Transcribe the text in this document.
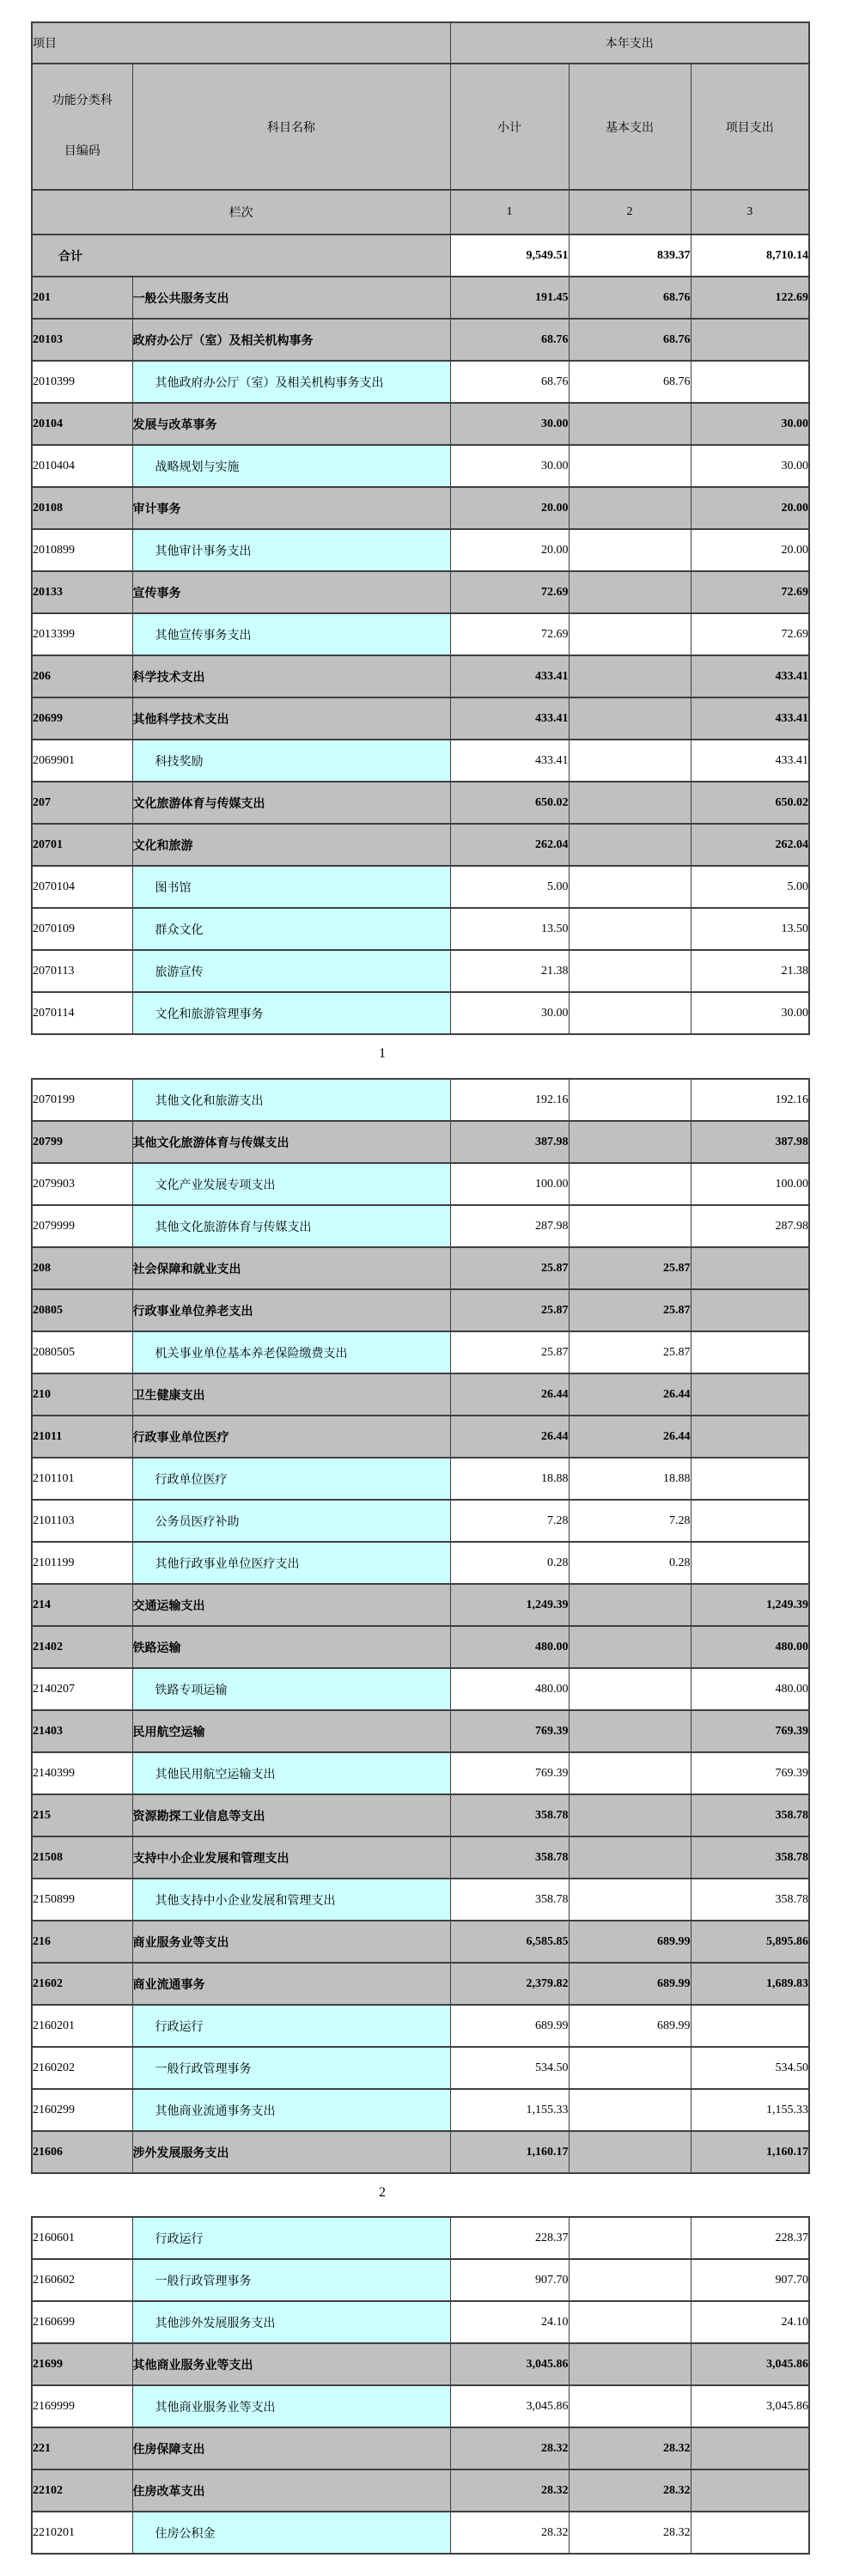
项目		本年支出		

功能分类科
目编码	科目名称	小计	基本支出	项目支出
栏次		1	2	3
合计		9,549.51	839.37	8,710.14
201	一般公共服务支出	191.45	68.76	122.69
20103	政府办公厅（室）及相关机构事务	68.76	68.76	
2010399	其他政府办公厅（室）及相关机构事务支出	68.76	68.76	
20104	发展与改革事务	30.00		30.00
2010404	战略规划与实施	30.00		30.00
20108	审计事务	20.00		20.00
2010899	其他审计事务支出	20.00		20.00
20133	宣传事务	72.69		72.69
2013399	其他宣传事务支出	72.69		72.69
206	科学技术支出	433.41		433.41
20699	其他科学技术支出	433.41		433.41
2069901	科技奖励	433.41		433.41
207	文化旅游体育与传媒支出	650.02		650.02
20701	文化和旅游	262.04		262.04
2070104	图书馆	5.00		5.00
2070109	群众文化	13.50		13.50
2070113	旅游宣传	21.38		21.38
2070114	文化和旅游管理事务	30.00		30.00
1
2070199	其他文化和旅游支出	192.16		192.16
20799	其他文化旅游体育与传媒支出	387.98		387.98
2079903	文化产业发展专项支出	100.00		100.00
2079999	其他文化旅游体育与传媒支出	287.98		287.98
208	社会保障和就业支出	25.87	25.87	
20805	行政事业单位养老支出	25.87	25.87	
2080505	机关事业单位基本养老保险缴费支出	25.87	25.87	
210	卫生健康支出	26.44	26.44	
21011	行政事业单位医疗	26.44	26.44	
2101101	行政单位医疗	18.88	18.88	
2101103	公务员医疗补助	7.28	7.28	
2101199	其他行政事业单位医疗支出	0.28	0.28	
214	交通运输支出	1,249.39		1,249.39
21402	铁路运输	480.00		480.00
2140207	铁路专项运输	480.00		480.00
21403	民用航空运输	769.39		769.39
2140399	其他民用航空运输支出	769.39		769.39
215	资源勘探工业信息等支出	358.78		358.78
21508	支持中小企业发展和管理支出	358.78		358.78
2150899	其他支持中小企业发展和管理支出	358.78		358.78
216	商业服务业等支出	6,585.85	689.99	5,895.86
21602	商业流通事务	2,379.82	689.99	1,689.83
2160201	行政运行	689.99	689.99	
2160202	一般行政管理事务	534.50		534.50
2160299	其他商业流通事务支出	1,155.33		1,155.33
21606	涉外发展服务支出	1,160.17		1,160.17
2
2160601	行政运行	228.37		228.37
2160602	一般行政管理事务	907.70		907.70
2160699	其他涉外发展服务支出	24.10		24.10
21699	其他商业服务业等支出	3,045.86		3,045.86
2169999	其他商业服务业等支出	3,045.86		3,045.86
221	住房保障支出	28.32	28.32	
22102	住房改革支出	28.32	28.32	
2210201	住房公积金	28.32	28.32	
